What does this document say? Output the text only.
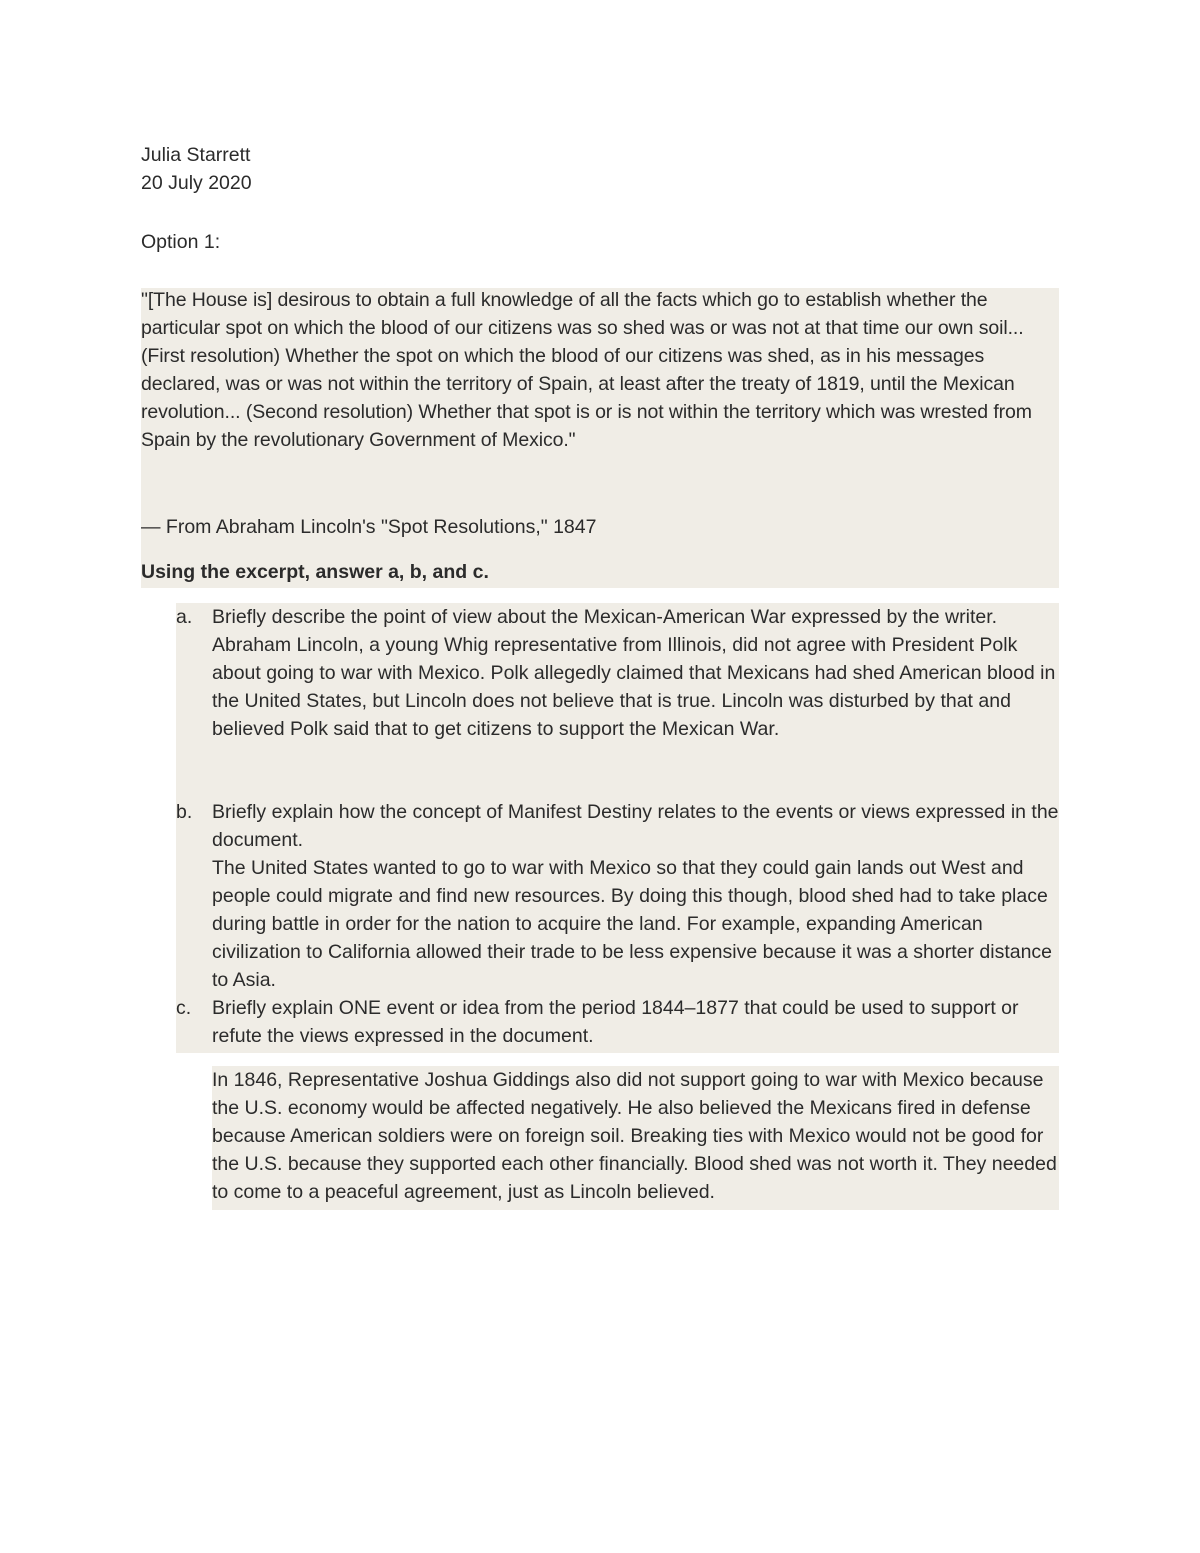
Julia Starrett
20 July 2020
Option 1:
"[The House is] desirous to obtain a full knowledge of all the facts which go to establish whether the particular spot on which the blood of our citizens was so shed was or was not at that time our own soil... (First resolution) Whether the spot on which the blood of our citizens was shed, as in his messages declared, was or was not within the territory of Spain, at least after the treaty of 1819, until the Mexican revolution... (Second resolution) Whether that spot is or is not within the territory which was wrested from Spain by the revolutionary Government of Mexico."
— From Abraham Lincoln's "Spot Resolutions," 1847
Using the excerpt, answer a, b, and c.
a. Briefly describe the point of view about the Mexican-American War expressed by the writer.

Abraham Lincoln, a young Whig representative from Illinois, did not agree with President Polk about going to war with Mexico. Polk allegedly claimed that Mexicans had shed American blood in the United States, but Lincoln does not believe that is true. Lincoln was disturbed by that and believed Polk said that to get citizens to support the Mexican War.

b. Briefly explain how the concept of Manifest Destiny relates to the events or views expressed in the document.

The United States wanted to go to war with Mexico so that they could gain lands out West and people could migrate and find new resources. By doing this though, blood shed had to take place during battle in order for the nation to acquire the land. For example, expanding American civilization to California allowed their trade to be less expensive because it was a shorter distance to Asia.

c. Briefly explain ONE event or idea from the period 1844–1877 that could be used to support or refute the views expressed in the document.

In 1846, Representative Joshua Giddings also did not support going to war with Mexico because the U.S. economy would be affected negatively. He also believed the Mexicans fired in defense because American soldiers were on foreign soil. Breaking ties with Mexico would not be good for the U.S. because they supported each other financially. Blood shed was not worth it. They needed to come to a peaceful agreement, just as Lincoln believed.
